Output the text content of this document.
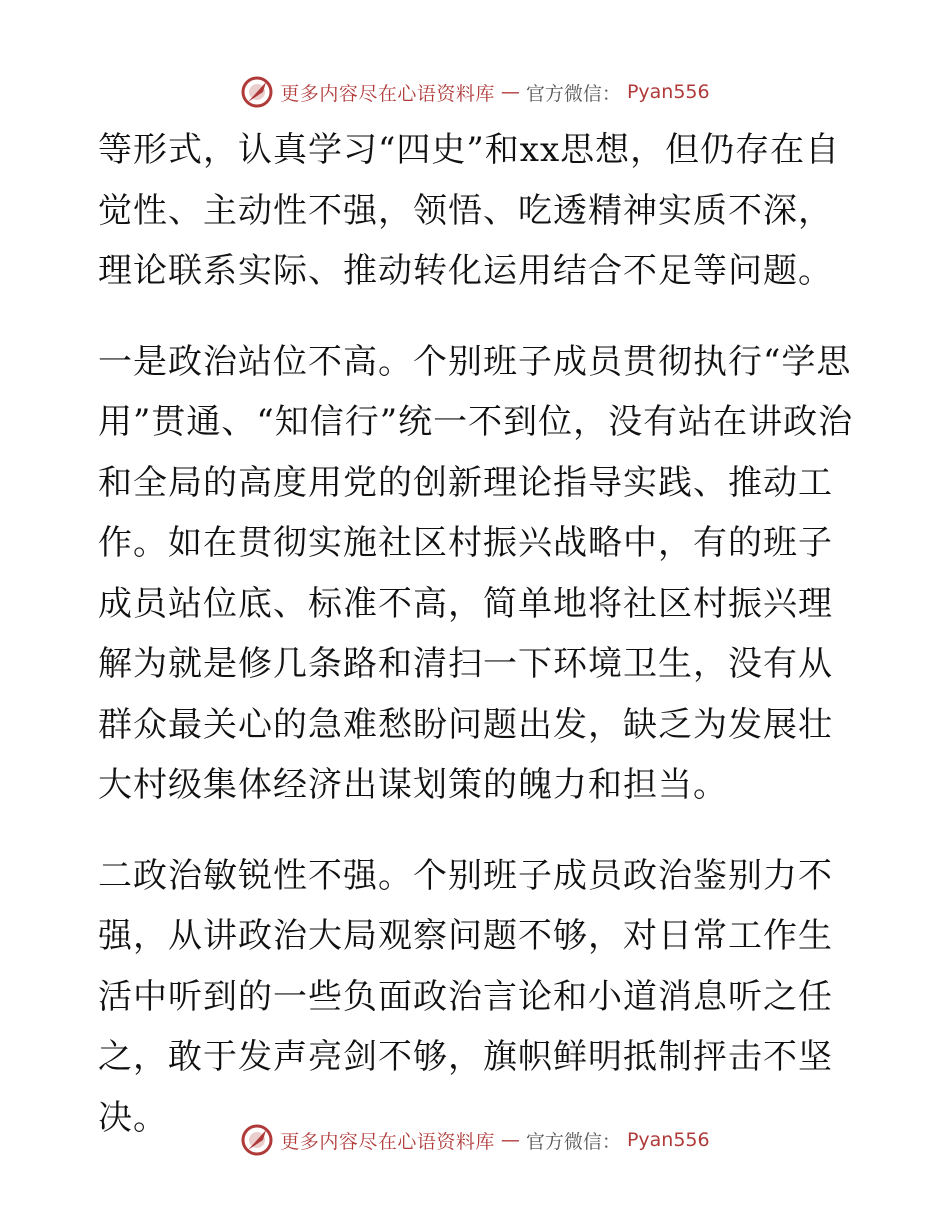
更多内容尽在心语资料库 — 官方微信： Pyan556

等形式，认真学习“四史”和xx思想，但仍存在自觉性、主动性不强，领悟、吃透精神实质不深，理论联系实际、推动转化运用结合不足等问题。

一是政治站位不高。个别班子成员贯彻执行“学思用”贯通、“知信行”统一不到位，没有站在讲政治和全局的高度用党的创新理论指导实践、推动工作。如在贯彻实施社区村振兴战略中，有的班子成员站位底、标准不高，简单地将社区村振兴理解为就是修几条路和清扫一下环境卫生，没有从群众最关心的急难愁盼问题出发，缺乏为发展壮大村级集体经济出谋划策的魄力和担当。

二政治敏锐性不强。个别班子成员政治鉴别力不强，从讲政治大局观察问题不够，对日常工作生活中听到的一些负面政治言论和小道消息听之任之，敢于发声亮剑不够，旗帜鲜明抵制抨击不坚决。

更多内容尽在心语资料库 — 官方微信： Pyan556
